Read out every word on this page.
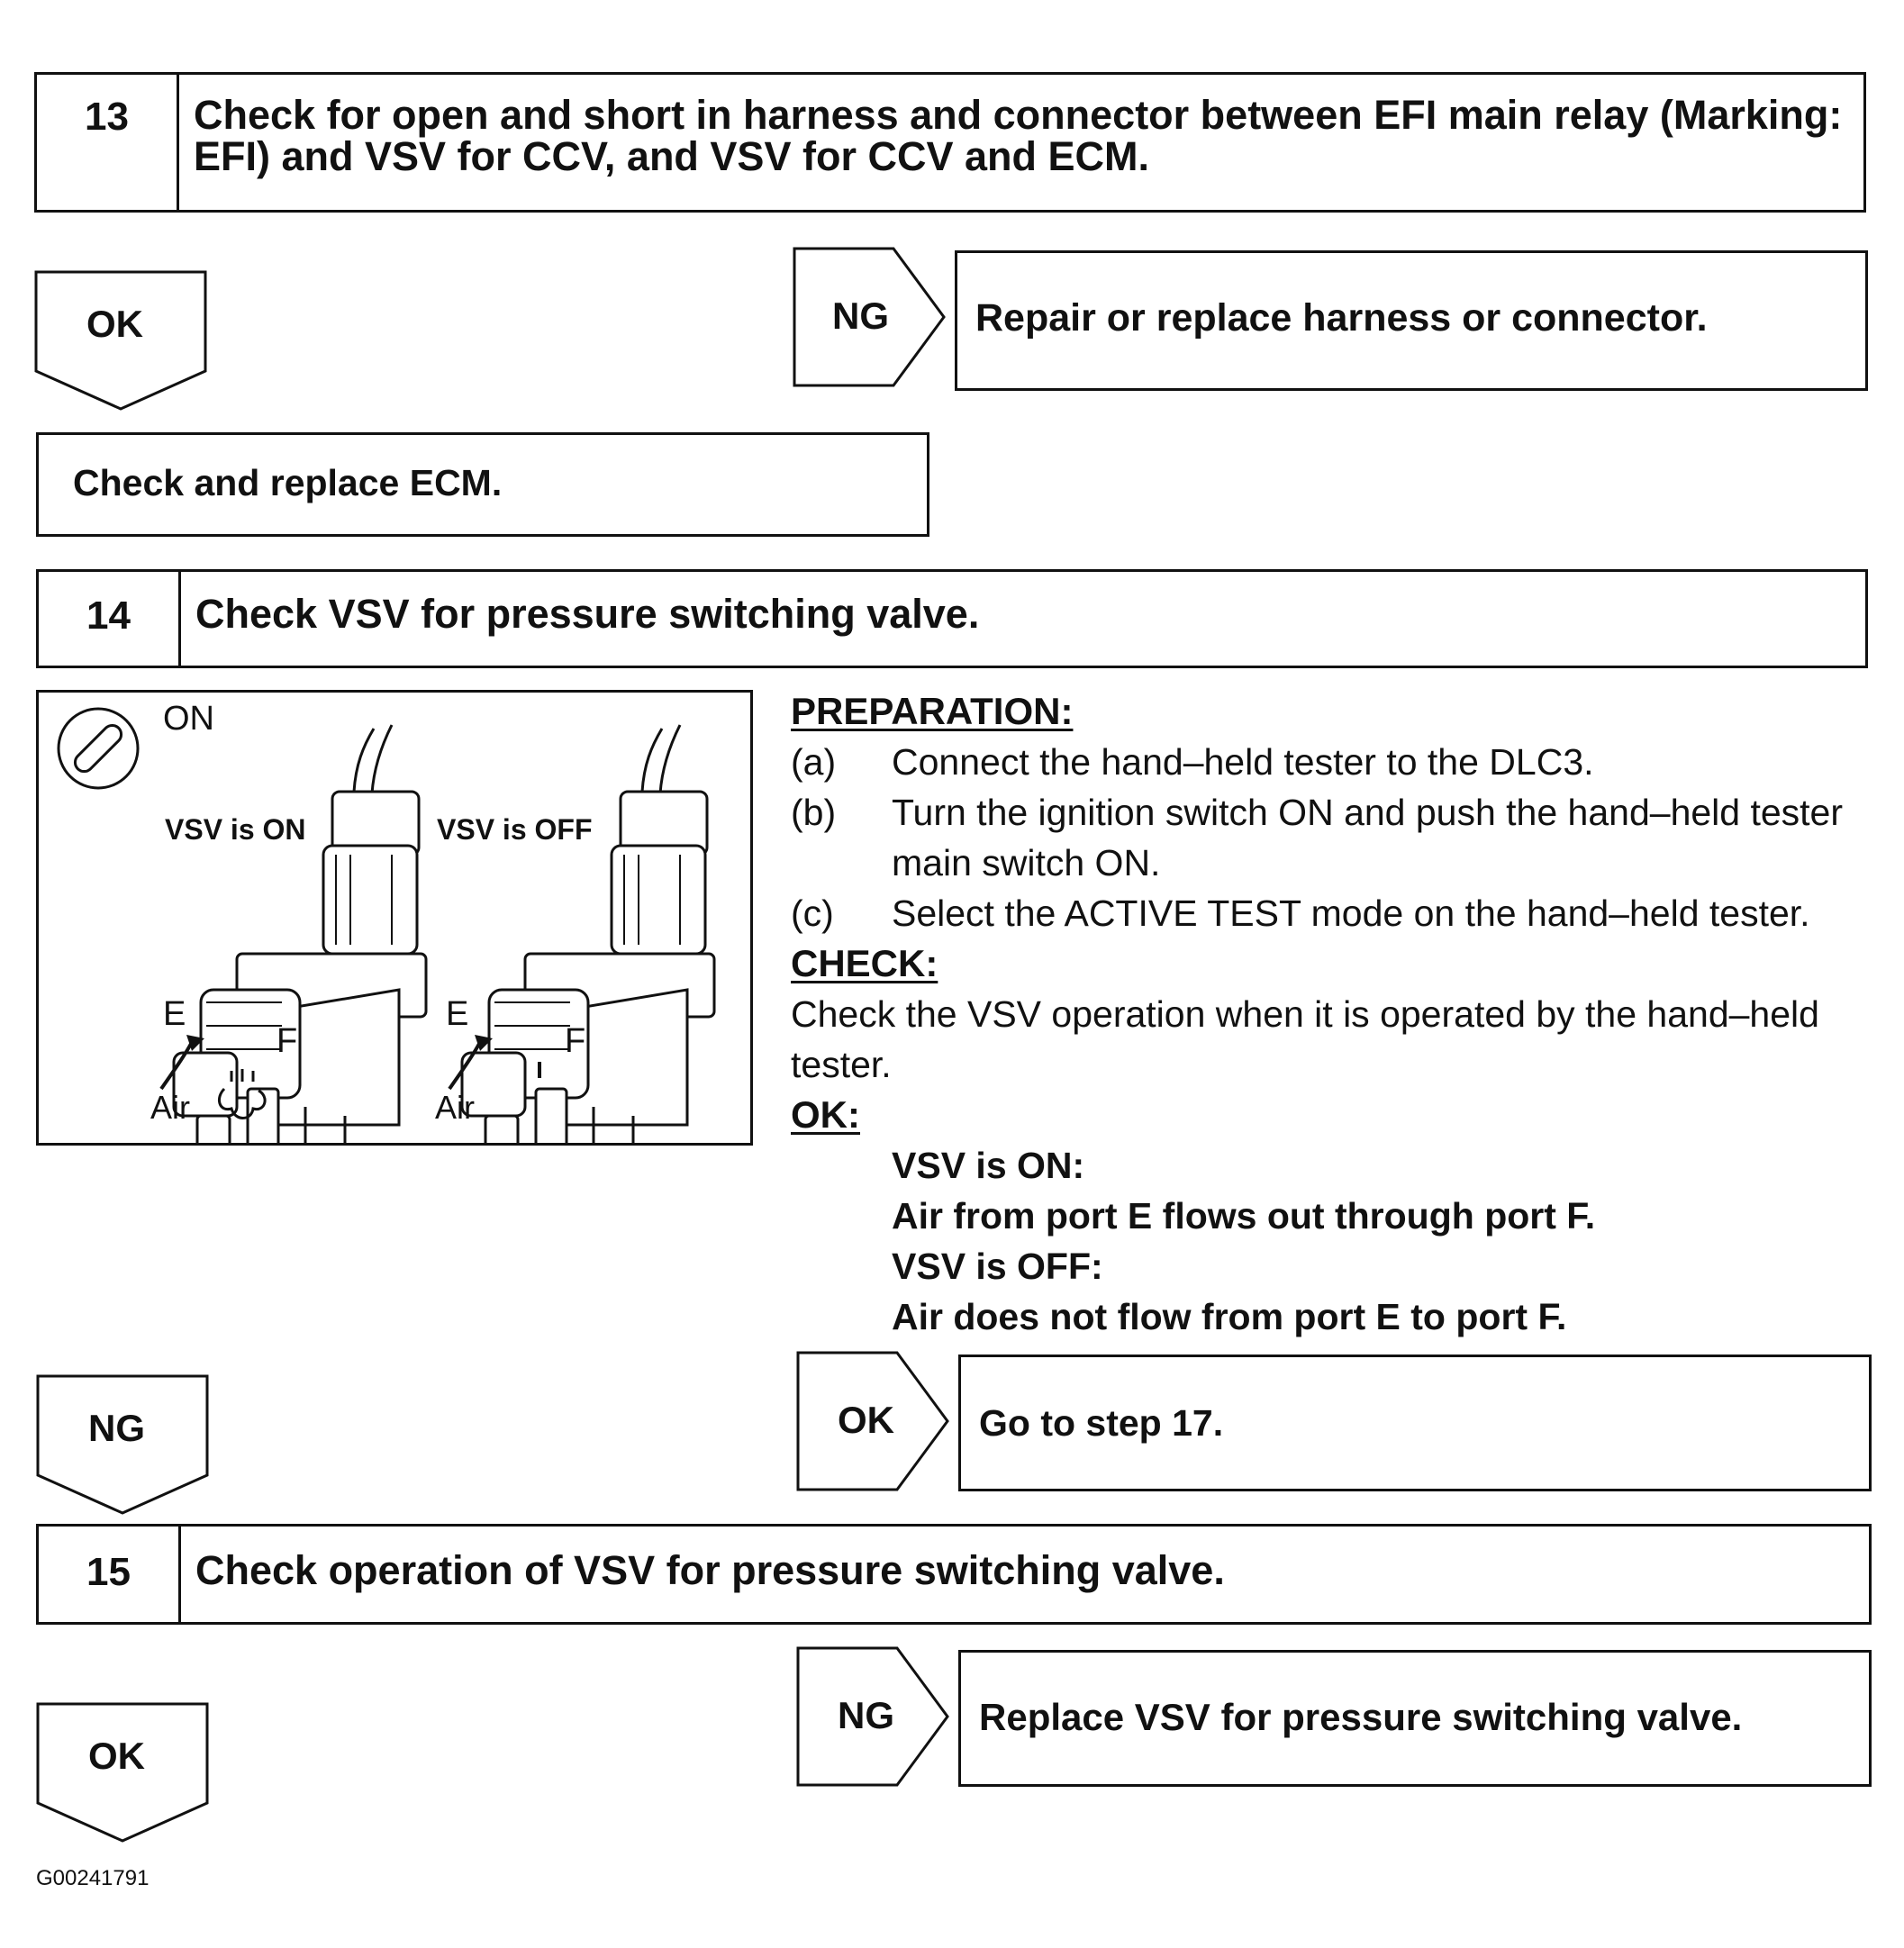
13	Check for open and short in harness and connector between EFI main relay (Marking: EFI) and VSV for CCV, and VSV for CCV and ECM.
OK	NG	Repair or replace harness or connector.
Check and replace ECM.
14	Check VSV for pressure switching valve.
ON
VSV is ON	VSV is OFF
E
F
Air
E
F
Air
PREPARATION:
(a)	Connect the hand–held tester to the DLC3.
(b)	Turn the ignition switch ON and push the hand–held tester main switch ON.
(c)	Select the ACTIVE TEST mode on the hand–held tester.
CHECK:
Check the VSV operation when it is operated by the hand–held tester.
OK:
VSV is ON:
Air from port E flows out through port F.
VSV is OFF:
Air does not flow from port E to port F.
NG	OK	Go to step 17.
15	Check operation of VSV for pressure switching valve.
OK
NG	Replace VSV for pressure switching valve.
G00241791
